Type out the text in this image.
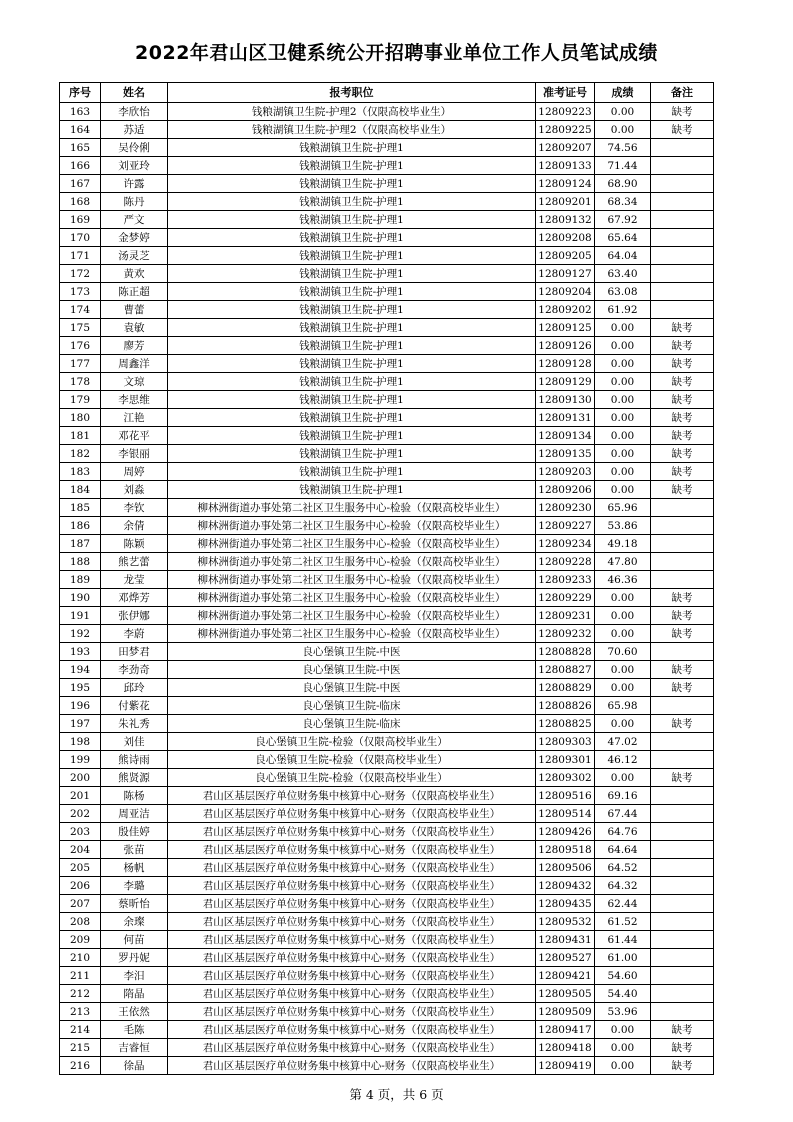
2022年君山区卫健系统公开招聘事业单位工作人员笔试成绩
序号	姓名	报考职位	准考证号	成绩	备注
163	李欣怡	钱粮湖镇卫生院-护理2（仅限高校毕业生）	12809223	0.00	缺考
164	苏适	钱粮湖镇卫生院-护理2（仅限高校毕业生）	12809225	0.00	缺考
165	吴伶俐	钱粮湖镇卫生院-护理1	12809207	74.56	
166	刘亚玲	钱粮湖镇卫生院-护理1	12809133	71.44	
167	许露	钱粮湖镇卫生院-护理1	12809124	68.90	
168	陈丹	钱粮湖镇卫生院-护理1	12809201	68.34	
169	严文	钱粮湖镇卫生院-护理1	12809132	67.92	
170	金梦婷	钱粮湖镇卫生院-护理1	12809208	65.64	
171	汤灵芝	钱粮湖镇卫生院-护理1	12809205	64.04	
172	黄欢	钱粮湖镇卫生院-护理1	12809127	63.40	
173	陈正超	钱粮湖镇卫生院-护理1	12809204	63.08	
174	曹蕾	钱粮湖镇卫生院-护理1	12809202	61.92	
175	袁敏	钱粮湖镇卫生院-护理1	12809125	0.00	缺考
176	廖芳	钱粮湖镇卫生院-护理1	12809126	0.00	缺考
177	周鑫洋	钱粮湖镇卫生院-护理1	12809128	0.00	缺考
178	文琼	钱粮湖镇卫生院-护理1	12809129	0.00	缺考
179	李思维	钱粮湖镇卫生院-护理1	12809130	0.00	缺考
180	江艳	钱粮湖镇卫生院-护理1	12809131	0.00	缺考
181	邓花平	钱粮湖镇卫生院-护理1	12809134	0.00	缺考
182	李银丽	钱粮湖镇卫生院-护理1	12809135	0.00	缺考
183	周婷	钱粮湖镇卫生院-护理1	12809203	0.00	缺考
184	刘淼	钱粮湖镇卫生院-护理1	12809206	0.00	缺考
185	李钦	柳林洲街道办事处第二社区卫生服务中心-检验（仅限高校毕业生）	12809230	65.96	
186	余倩	柳林洲街道办事处第二社区卫生服务中心-检验（仅限高校毕业生）	12809227	53.86	
187	陈颖	柳林洲街道办事处第二社区卫生服务中心-检验（仅限高校毕业生）	12809234	49.18	
188	熊艺蕾	柳林洲街道办事处第二社区卫生服务中心-检验（仅限高校毕业生）	12809228	47.80	
189	龙莹	柳林洲街道办事处第二社区卫生服务中心-检验（仅限高校毕业生）	12809233	46.36	
190	邓烨芳	柳林洲街道办事处第二社区卫生服务中心-检验（仅限高校毕业生）	12809229	0.00	缺考
191	张伊娜	柳林洲街道办事处第二社区卫生服务中心-检验（仅限高校毕业生）	12809231	0.00	缺考
192	李蔚	柳林洲街道办事处第二社区卫生服务中心-检验（仅限高校毕业生）	12809232	0.00	缺考
193	田梦君	良心堡镇卫生院-中医	12808828	70.60	
194	李劲奇	良心堡镇卫生院-中医	12808827	0.00	缺考
195	邱玲	良心堡镇卫生院-中医	12808829	0.00	缺考
196	付紫花	良心堡镇卫生院-临床	12808826	65.98	
197	朱礼秀	良心堡镇卫生院-临床	12808825	0.00	缺考
198	刘佳	良心堡镇卫生院-检验（仅限高校毕业生）	12809303	47.02	
199	熊诗雨	良心堡镇卫生院-检验（仅限高校毕业生）	12809301	46.12	
200	熊贤源	良心堡镇卫生院-检验（仅限高校毕业生）	12809302	0.00	缺考
201	陈杨	君山区基层医疗单位财务集中核算中心-财务（仅限高校毕业生）	12809516	69.16	
202	周亚洁	君山区基层医疗单位财务集中核算中心-财务（仅限高校毕业生）	12809514	67.44	
203	殷佳婷	君山区基层医疗单位财务集中核算中心-财务（仅限高校毕业生）	12809426	64.76	
204	张苗	君山区基层医疗单位财务集中核算中心-财务（仅限高校毕业生）	12809518	64.64	
205	杨帆	君山区基层医疗单位财务集中核算中心-财务（仅限高校毕业生）	12809506	64.52	
206	李璐	君山区基层医疗单位财务集中核算中心-财务（仅限高校毕业生）	12809432	64.32	
207	蔡昕怡	君山区基层医疗单位财务集中核算中心-财务（仅限高校毕业生）	12809435	62.44	
208	余璨	君山区基层医疗单位财务集中核算中心-财务（仅限高校毕业生）	12809532	61.52	
209	何苗	君山区基层医疗单位财务集中核算中心-财务（仅限高校毕业生）	12809431	61.44	
210	罗丹妮	君山区基层医疗单位财务集中核算中心-财务（仅限高校毕业生）	12809527	61.00	
211	李汨	君山区基层医疗单位财务集中核算中心-财务（仅限高校毕业生）	12809421	54.60	
212	隋晶	君山区基层医疗单位财务集中核算中心-财务（仅限高校毕业生）	12809505	54.40	
213	王依然	君山区基层医疗单位财务集中核算中心-财务（仅限高校毕业生）	12809509	53.96	
214	毛陈	君山区基层医疗单位财务集中核算中心-财务（仅限高校毕业生）	12809417	0.00	缺考
215	吉睿恒	君山区基层医疗单位财务集中核算中心-财务（仅限高校毕业生）	12809418	0.00	缺考
216	徐晶	君山区基层医疗单位财务集中核算中心-财务（仅限高校毕业生）	12809419	0.00	缺考
第 4 页，共 6 页
